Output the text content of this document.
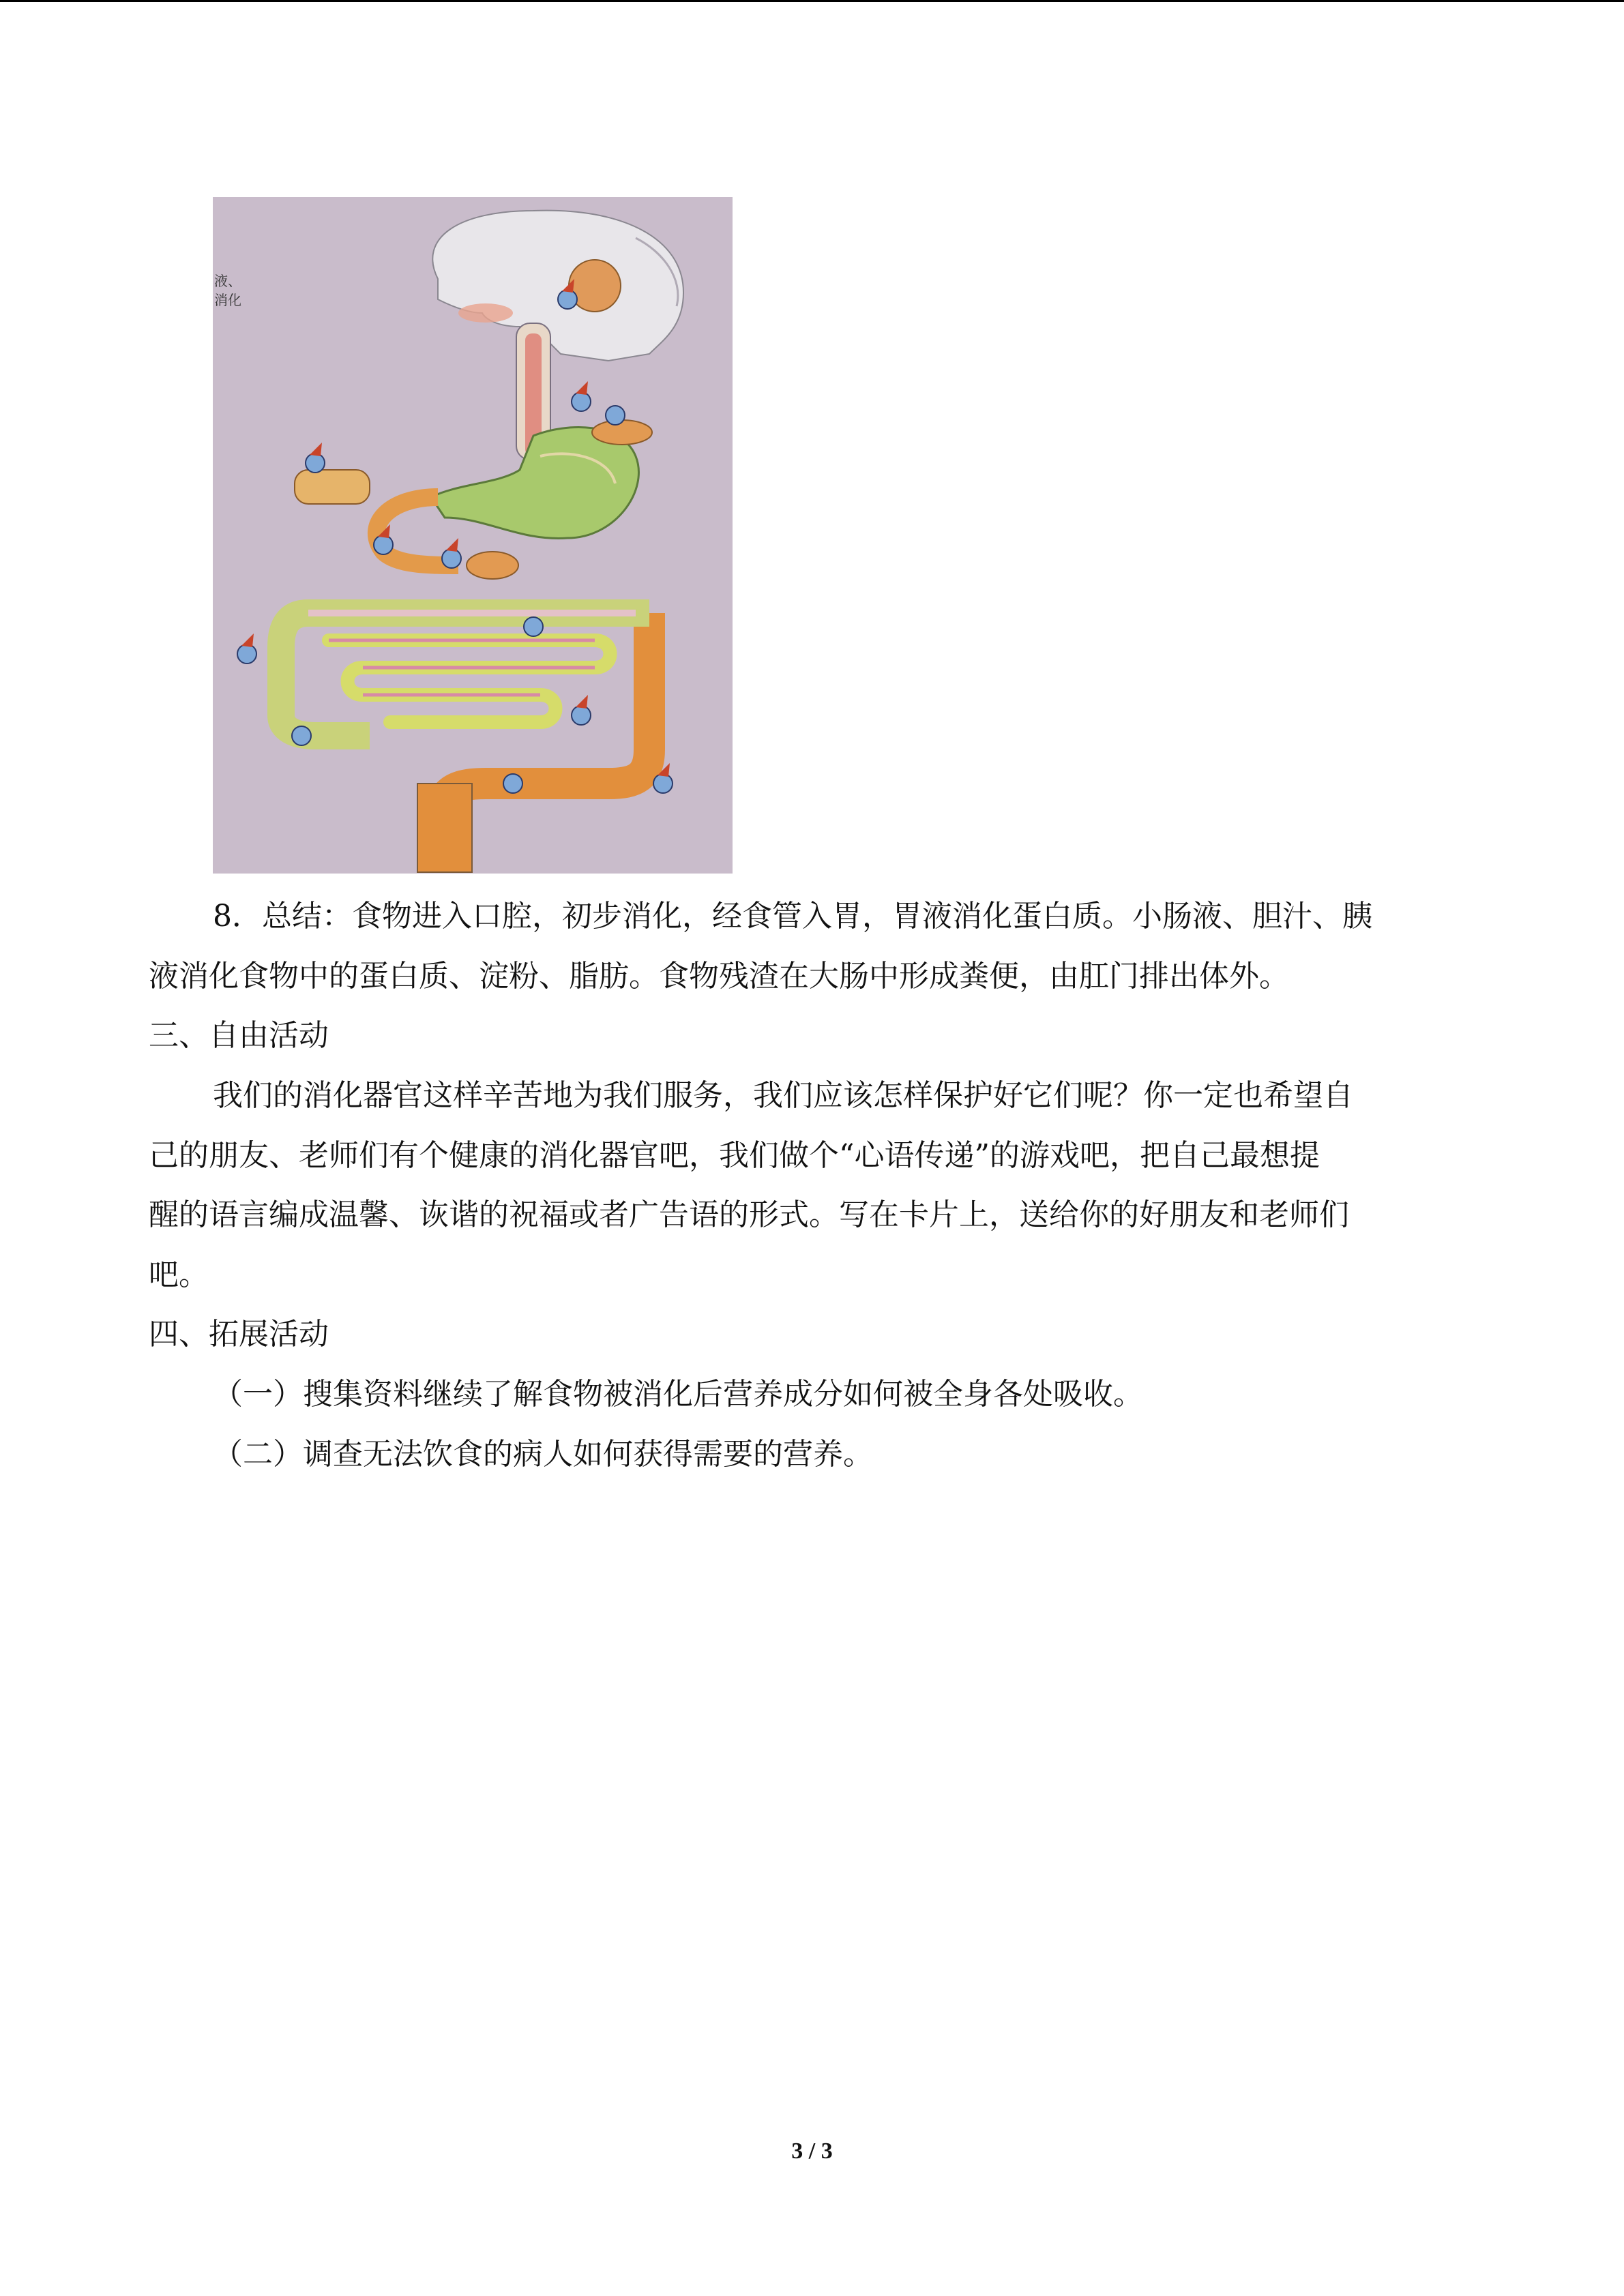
液、
消化
8．总结：食物进入口腔，初步消化，经食管入胃，胃液消化蛋白质。小肠液、胆汁、胰
液消化食物中的蛋白质、淀粉、脂肪。食物残渣在大肠中形成粪便，由肛门排出体外。
三、自由活动
我们的消化器官这样辛苦地为我们服务，我们应该怎样保护好它们呢？你一定也希望自
己的朋友、老师们有个健康的消化器官吧，我们做个“心语传递”的游戏吧，把自己最想提
醒的语言编成温馨、诙谐的祝福或者广告语的形式。写在卡片上，送给你的好朋友和老师们
吧。
四、拓展活动
（一）搜集资料继续了解食物被消化后营养成分如何被全身各处吸收。
（二）调查无法饮食的病人如何获得需要的营养。
3 / 3
